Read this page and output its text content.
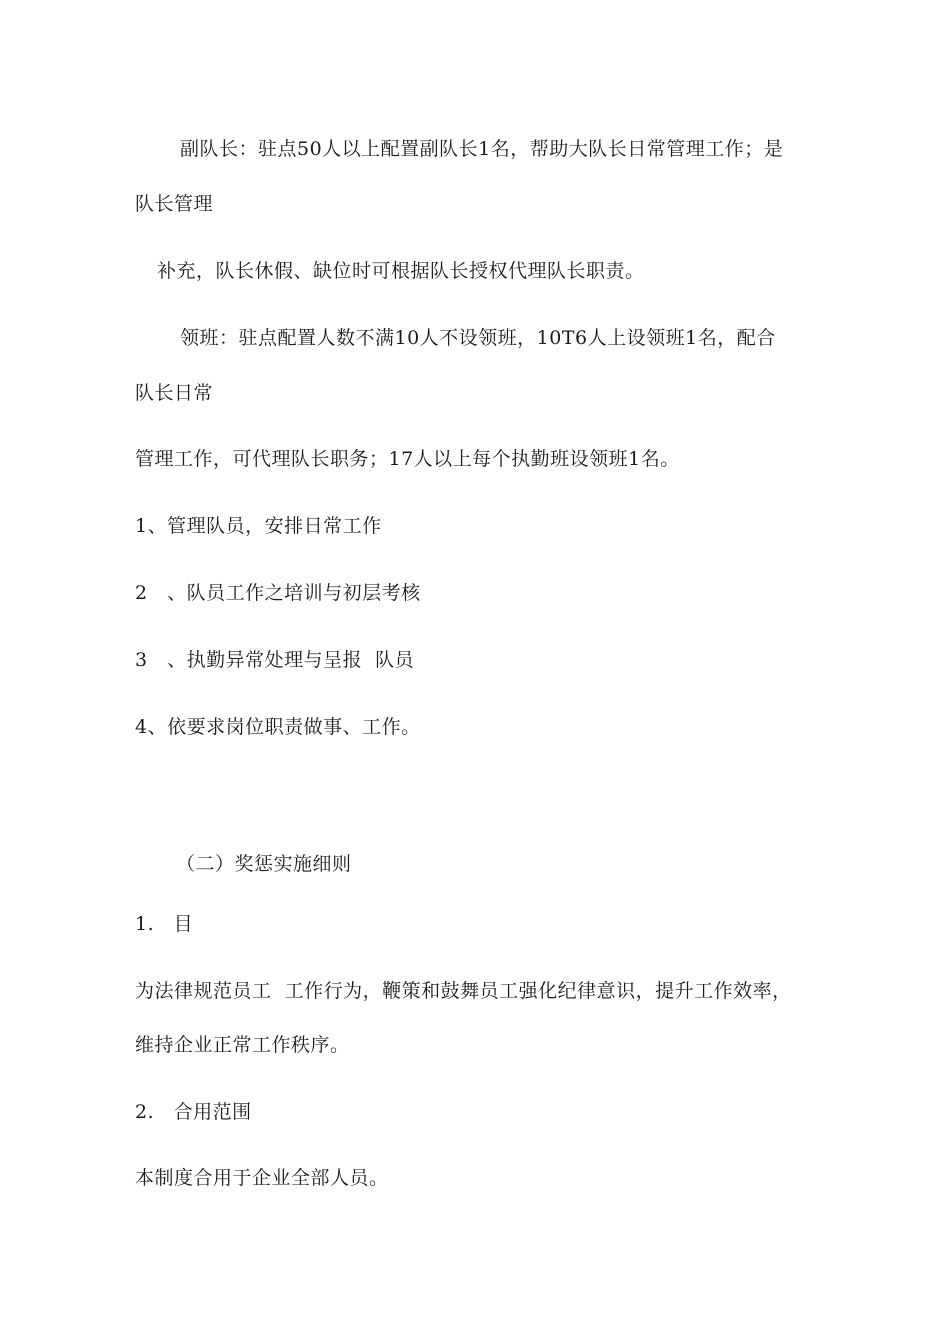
副队长：驻点50人以上配置副队长1名，帮助大队长日常管理工作；是
队长管理
补充，队长休假、缺位时可根据队长授权代理队长职责。
领班：驻点配置人数不满10人不设领班，10T6人上设领班1名，配合
队长日常
管理工作，可代理队长职务；17人以上每个执勤班设领班1名。
1、管理队员，安排日常工作
2　、队员工作之培训与初层考核
3　、执勤异常处理与呈报  队员
4、依要求岗位职责做事、工作。
（二）奖惩实施细则
1.　目
为法律规范员工  工作行为，鞭策和鼓舞员工强化纪律意识，提升工作效率，
维持企业正常工作秩序。
2.　合用范围
本制度合用于企业全部人员。
